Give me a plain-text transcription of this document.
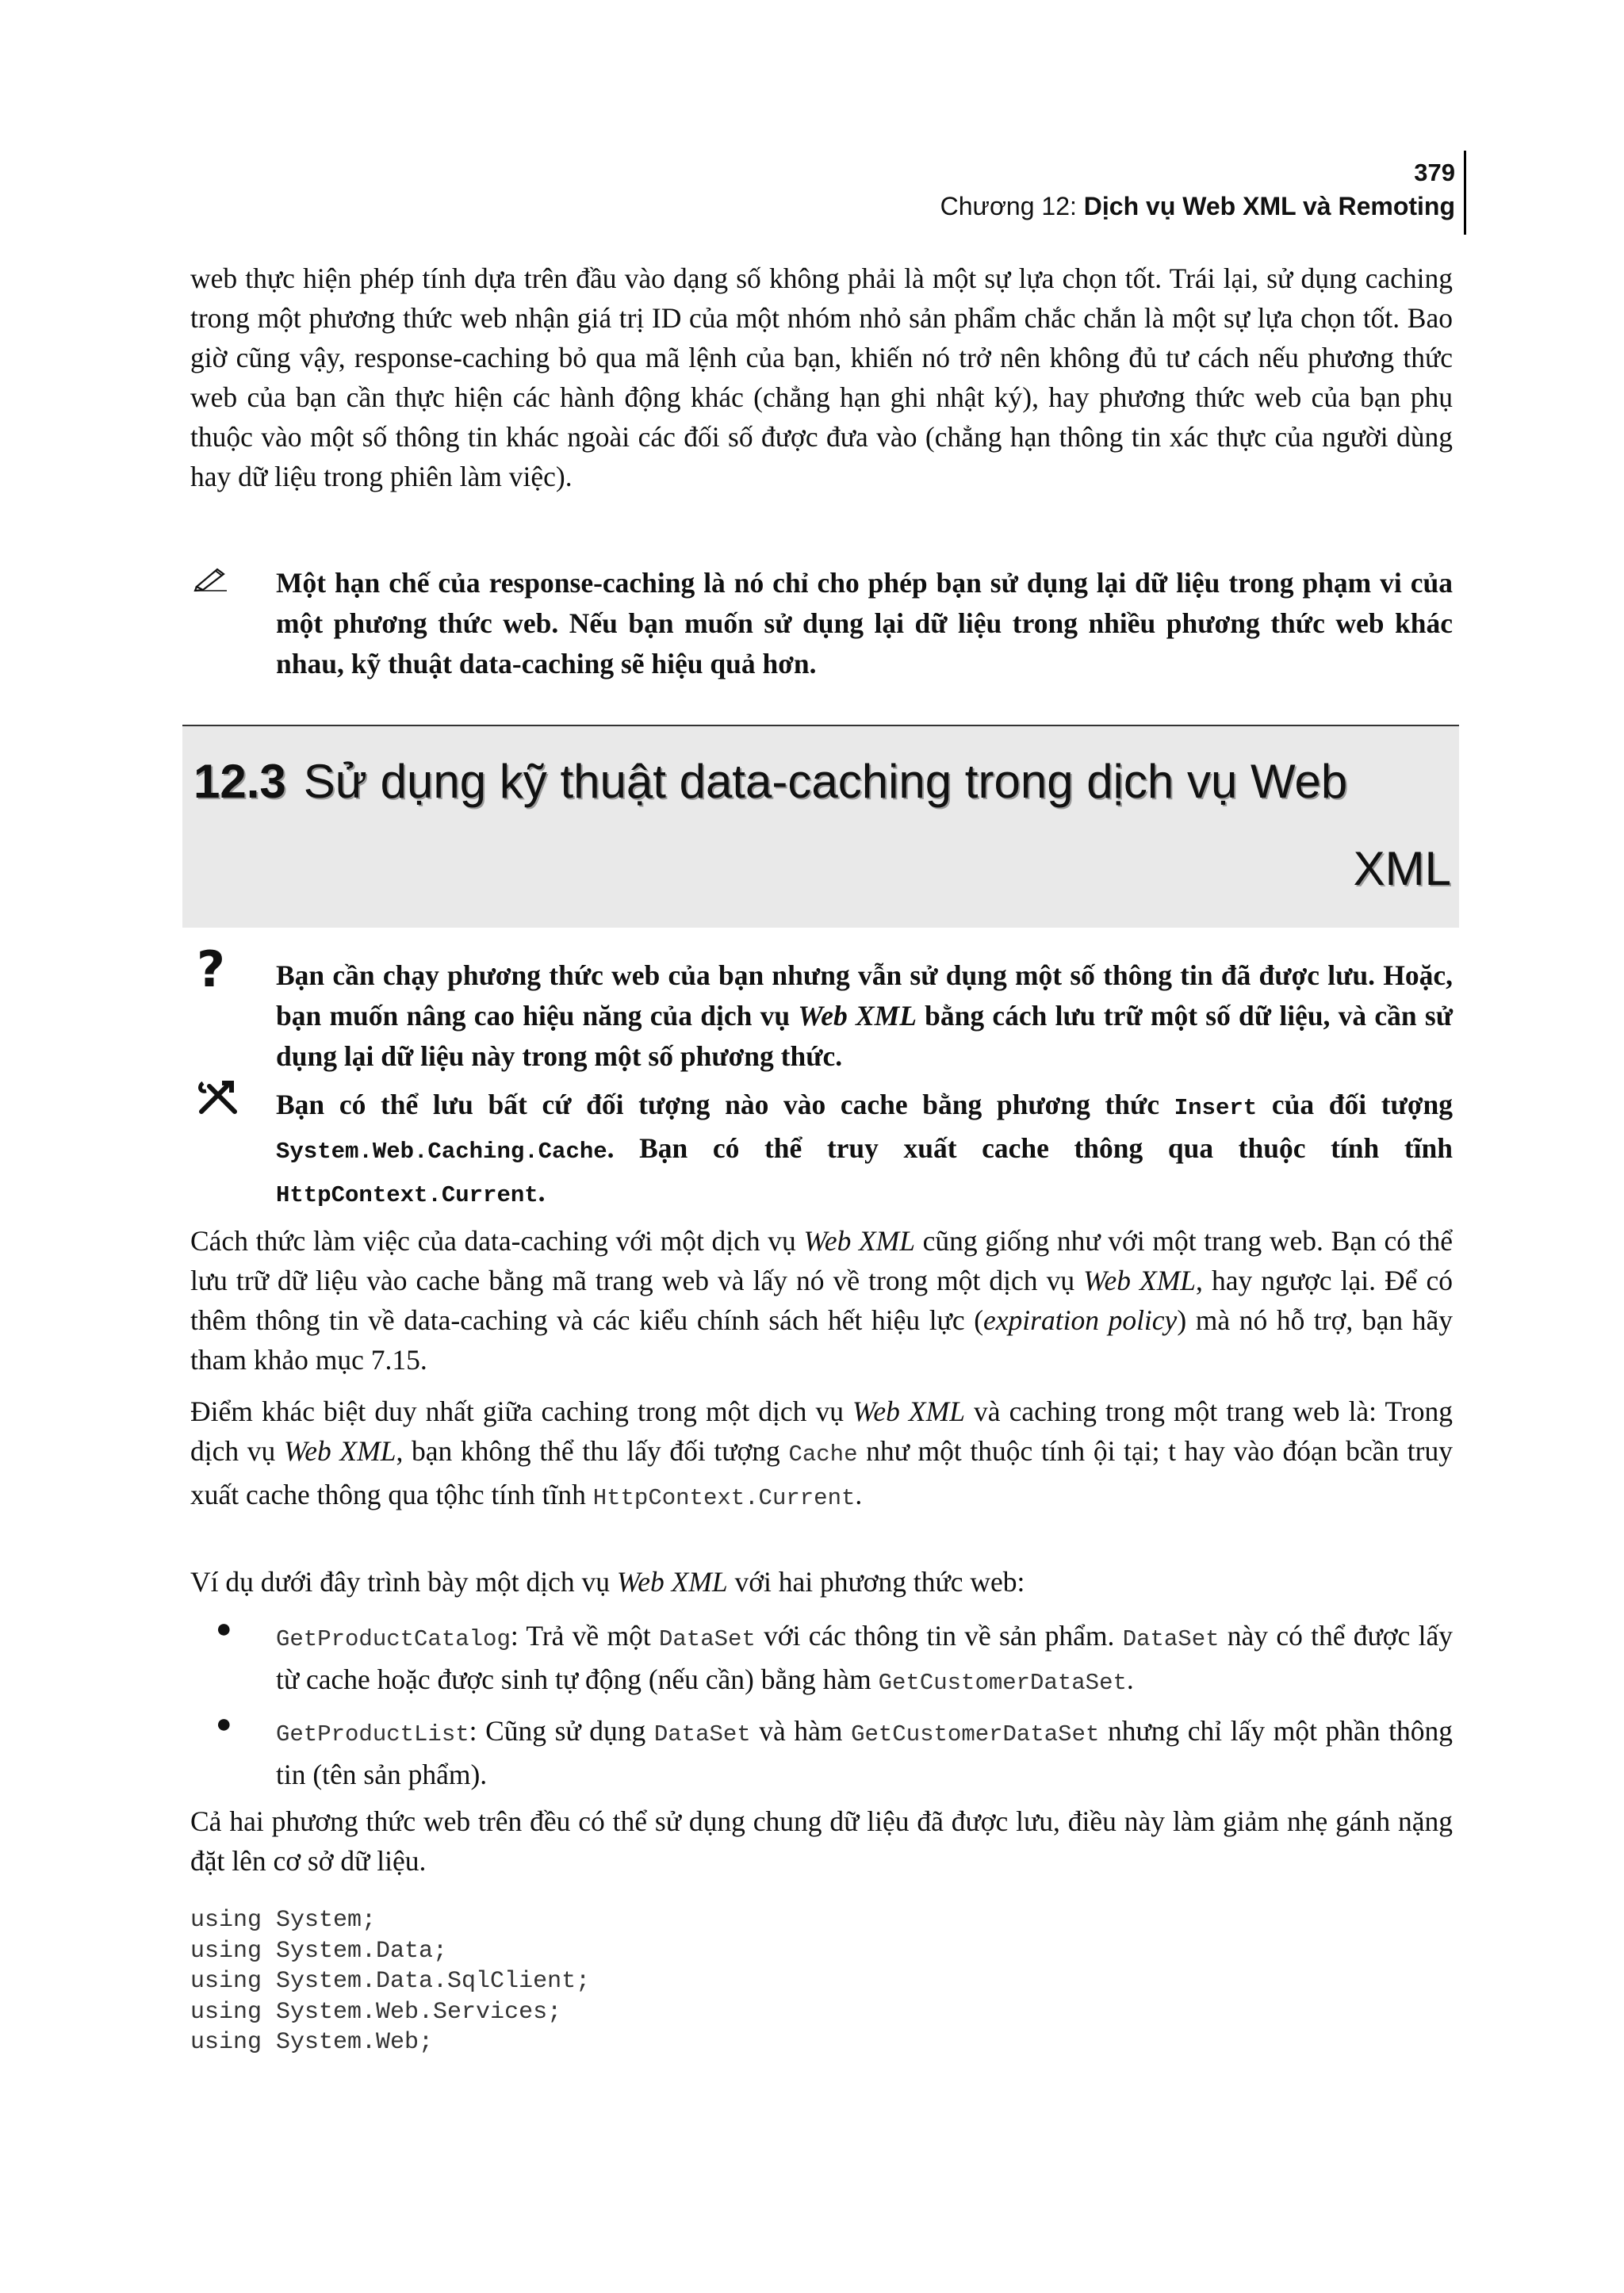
379
Chương 12: Dịch vụ Web XML và Remoting

web thực hiện phép tính dựa trên đầu vào dạng số không phải là một sự lựa chọn tốt. Trái lại, sử dụng caching trong một phương thức web nhận giá trị ID của một nhóm nhỏ sản phẩm chắc chắn là một sự lựa chọn tốt. Bao giờ cũng vậy, response-caching bỏ qua mã lệnh của bạn, khiến nó trở nên không đủ tư cách nếu phương thức web của bạn cần thực hiện các hành động khác (chẳng hạn ghi nhật ký), hay phương thức web của bạn phụ thuộc vào một số thông tin khác ngoài các đối số được đưa vào (chẳng hạn thông tin xác thực của người dùng hay dữ liệu trong phiên làm việc).

Một hạn chế của response-caching là nó chỉ cho phép bạn sử dụng lại dữ liệu trong phạm vi của một phương thức web. Nếu bạn muốn sử dụng lại dữ liệu trong nhiều phương thức web khác nhau, kỹ thuật data-caching sẽ hiệu quả hơn.

12.3 Sử dụng kỹ thuật data-caching trong dịch vụ Web
XML
? Bạn cần chạy phương thức web của bạn nhưng vẫn sử dụng một số thông tin đã được lưu. Hoặc, bạn muốn nâng cao hiệu năng của dịch vụ Web XML bằng cách lưu trữ một số dữ liệu, và cần sử dụng lại dữ liệu này trong một số phương thức.

Bạn có thể lưu bất cứ đối tượng nào vào cache bằng phương thức Insert của đối tượng System.Web.Caching.Cache. Bạn có thể truy xuất cache thông qua thuộc tính tĩnh HttpContext.Current.

Cách thức làm việc của data-caching với một dịch vụ Web XML cũng giống như với một trang web. Bạn có thể lưu trữ dữ liệu vào cache bằng mã trang web và lấy nó về trong một dịch vụ Web XML, hay ngược lại. Để có thêm thông tin về data-caching và các kiểu chính sách hết hiệu lực (expiration policy) mà nó hỗ trợ, bạn hãy tham khảo mục 7.15.

Điểm khác biệt duy nhất giữa caching trong một dịch vụ Web XML và caching trong một trang web là: Trong dịch vụ Web XML, bạn không thể thu lấy đối tượng Cache như một thuộc tính ội tại; t hay vào đóạn bcần truy xuất cache thông qua tộhc tính tĩnh HttpContext.Current.

Ví dụ dưới đây trình bày một dịch vụ Web XML với hai phương thức web:

● GetProductCatalog: Trả về một DataSet với các thông tin về sản phẩm. DataSet này có thể được lấy từ cache hoặc được sinh tự động (nếu cần) bằng hàm GetCustomerDataSet.

● GetProductList: Cũng sử dụng DataSet và hàm GetCustomerDataSet nhưng chỉ lấy một phần thông tin (tên sản phẩm).

Cả hai phương thức web trên đều có thể sử dụng chung dữ liệu đã được lưu, điều này làm giảm nhẹ gánh nặng đặt lên cơ sở dữ liệu.

using System;
using System.Data;
using System.Data.SqlClient;
using System.Web.Services;
using System.Web;
